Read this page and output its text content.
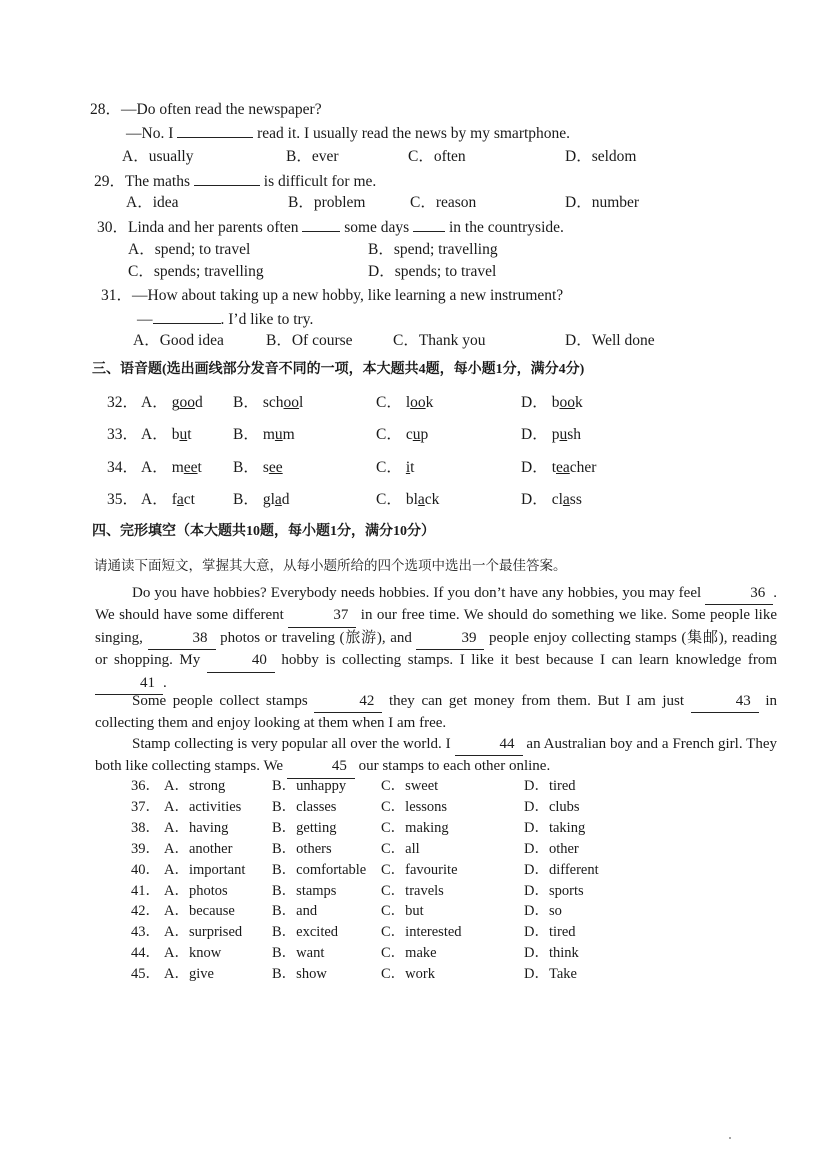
28．—Do often read the newspaper?
—No. I	read it. I usually read the news by my smartphone.
A．usually	B．ever	C．often	D．seldom
29．The maths	is difficult for me.
A．idea	B．problem	C．reason	D．number
30．Linda and her parents often	some days	in the countryside.
A．spend; to travel	B．spend; travelling
C．spends; travelling	D．spends; to travel
31．—How about taking up a new hobby, like learning a new instrument?
—	. I’d like to try.
A．Good idea	B．Of course	C．Thank you	D．Well done
三、语音题(选出画线部分发音不同的一项，本大题共4题，每小题1分，满分4分)
32． A． good B． school	C． look	D． book
33． A． but	B． mum	C． cup	D． push
34． A． meet B． see	C． it	D． teacher
35． A． fact B． glad	C． black	D． class
四、完形填空（本大题共10题，每小题1分，满分10分）
请通读下面短文，掌握其大意，从每小题所给的四个选项中选出一个最佳答案。
Do you have hobbies? Everybody needs hobbies. If you don’t have any hobbies, you may feel	36 . We should have some different	37 in our free time. We should do something we like. Some people like singing,	38 photos or traveling (旅游), and	39 people enjoy collecting stamps (集邮), reading or shopping. My	40 hobby is collecting stamps. I like it best because I can learn knowledge from 41 .
Some people collect stamps	42 they can get money from them. But I am just	43 in collecting them and enjoy looking at them when I am free.
Stamp collecting is very popular all over the world. I	44 an Australian boy and a French girl. They both like collecting stamps. We	45 our stamps to each other online.
36． A．strong	B．unhappy C．sweet	D．tired
37． A．activities B．classes	C．lessons	D．clubs
38． A．having	B．getting	C．making	D．taking
39． A．another	B．others	C．all	D．other
40． A．important B．comfortable C．favourite	D．different
41． A．photos	B．stamps	C．travels	D．sports
42． A．because	B．and	C．but	D．so
43． A．surprised B．excited	C．interested	D．tired
44． A．know	B．want	C．make	D．think
45． A．give	B．show	C．work	D．Take
